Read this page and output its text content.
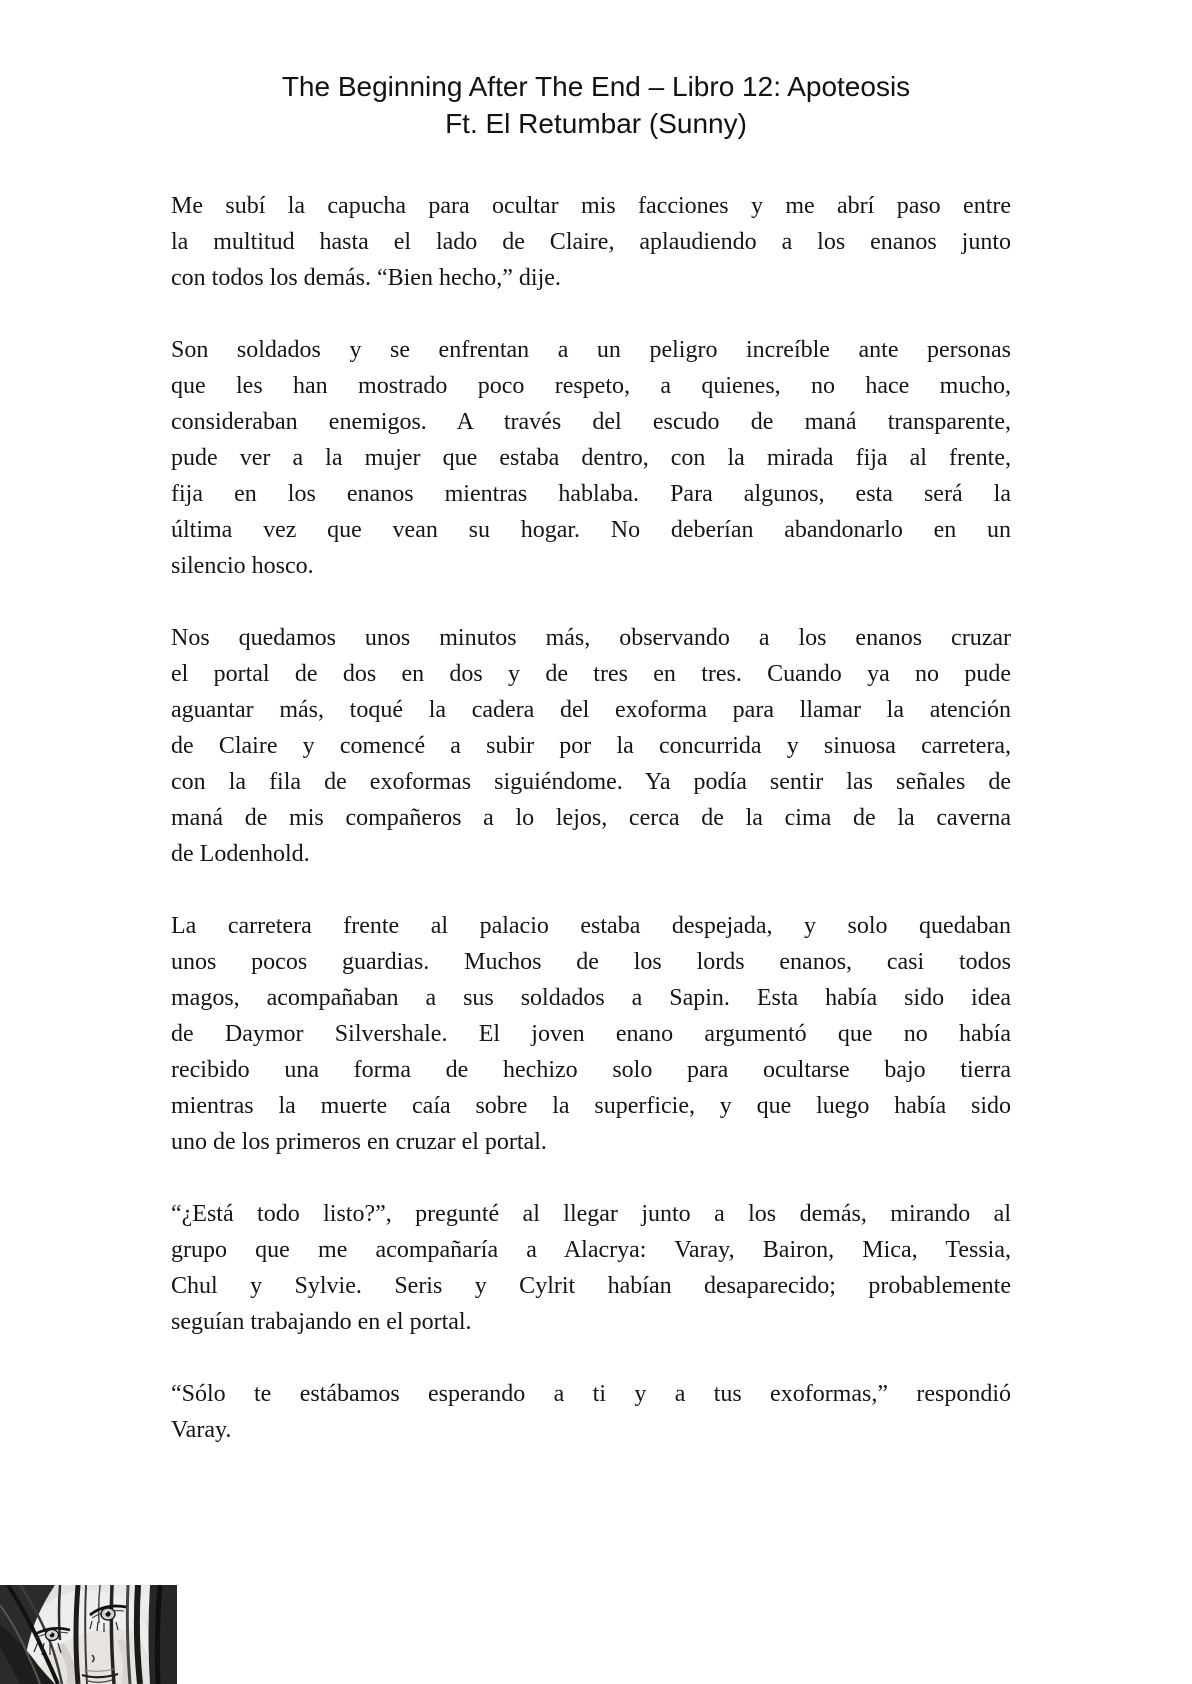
The Beginning After The End – Libro 12: Apoteosis
Ft. El Retumbar (Sunny)
Me subí la capucha para ocultar mis facciones y me abrí paso entre
la multitud hasta el lado de Claire, aplaudiendo a los enanos junto
con todos los demás. “Bien hecho,” dije.
Son soldados y se enfrentan a un peligro increíble ante personas
que les han mostrado poco respeto, a quienes, no hace mucho,
consideraban enemigos. A través del escudo de maná transparente,
pude ver a la mujer que estaba dentro, con la mirada fija al frente,
fija en los enanos mientras hablaba. Para algunos, esta será la
última vez que vean su hogar. No deberían abandonarlo en un
silencio hosco.
Nos quedamos unos minutos más, observando a los enanos cruzar
el portal de dos en dos y de tres en tres. Cuando ya no pude
aguantar más, toqué la cadera del exoforma para llamar la atención
de Claire y comencé a subir por la concurrida y sinuosa carretera,
con la fila de exoformas siguiéndome. Ya podía sentir las señales de
maná de mis compañeros a lo lejos, cerca de la cima de la caverna
de Lodenhold.
La carretera frente al palacio estaba despejada, y solo quedaban
unos pocos guardias. Muchos de los lords enanos, casi todos
magos, acompañaban a sus soldados a Sapin. Esta había sido idea
de Daymor Silvershale. El joven enano argumentó que no había
recibido una forma de hechizo solo para ocultarse bajo tierra
mientras la muerte caía sobre la superficie, y que luego había sido
uno de los primeros en cruzar el portal.
“¿Está todo listo?”, pregunté al llegar junto a los demás, mirando al
grupo que me acompañaría a Alacrya: Varay, Bairon, Mica, Tessia,
Chul y Sylvie. Seris y Cylrit habían desaparecido; probablemente
seguían trabajando en el portal.
“Sólo te estábamos esperando a ti y a tus exoformas,” respondió
Varay.
